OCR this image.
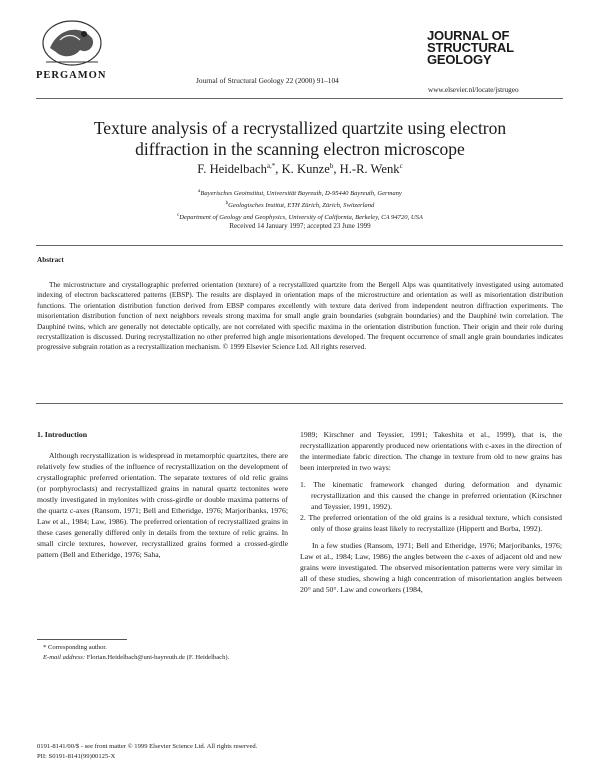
PERGAMON	Journal of Structural Geology 22 (2000) 91–104
JOURNAL OF
STRUCTURAL
GEOLOGY
www.elsevier.nl/locate/jstrugeo
Texture analysis of a recrystallized quartzite using electron
diffraction in the scanning electron microscope
F. Heidelbach$^{a,*}$, K. Kunze$^b$, H.-R. Wenk$^c$
$^a$Bayerisches Geoinstitut, Universität Bayreuth, D-95440 Bayreuth, Germany
$^b$Geologisches Institut, ETH Zürich, Zürich, Switzerland
$^c$Department of Geology and Geophysics, University of California, Berkeley, CA 94720, USA
Received 14 January 1997; accepted 23 June 1999
Abstract
The microstructure and crystallographic preferred orientation (texture) of a recrystallized quartzite from the Bergell Alps was quantitatively investigated using automated indexing of electron backscattered patterns (EBSP). The results are displayed in orientation maps of the microstructure and orientation as well as misorientation distribution functions. The orientation distribution function derived from EBSP compares excellently with texture data derived from independent neutron diffraction experiments. The misorientation distribution function of next neighbors reveals strong maxima for small angle grain boundaries (subgrain boundaries) and the Dauphiné twin correlation. The Dauphiné twins, which are generally not detectable optically, are not correlated with specific maxima in the orientation distribution function. Their origin and their role during recrystallization is discussed. During recrystallization no other preferred high angle misorientations developed. The frequent occurrence of small angle grain boundaries indicates progressive subgrain rotation as a recrystallization mechanism. © 1999 Elsevier Science Ltd. All rights reserved.
1. Introduction

Although recrystallization is widespread in metamorphic quartzites, there are relatively few studies of the influence of recrystallization on the development of crystallographic preferred orientation. The separate textures of old relic grains (or porphyroclasts) and recrystallized grains in natural quartz tectonites were mostly investigated in mylonites with cross-girdle or double maxima patterns of the quartz c-axes (Ransom, 1971; Bell and Etheridge, 1976; Marjoribanks, 1976; Law et al., 1984; Law, 1986). The preferred orientation of recrystallized grains in these cases generally differed only in details from the texture of relic grains. In small circle textures, however, recrystallized grains formed a crossed-girdle pattern (Bell and Etheridge, 1976; Saha,

1989; Kirschner and Teyssier, 1991; Takeshita et al., 1999), that is, the recrystallization apparently produced new orientations with c-axes in the direction of the intermediate fabric direction. The change in texture from old to new grains has been interpreted in two ways:

1. The kinematic framework changed during deformation and dynamic recrystallization and this caused the change in preferred orientation (Kirschner and Teyssier, 1991, 1992).

2. The preferred orientation of the old grains is a residual texture, which consisted only of those grains least likely to recrystallize (Hippertt and Borba, 1992).

In a few studies (Ransom, 1971; Bell and Etheridge, 1976; Marjoribanks, 1976; Law et al., 1984; Law, 1986) the angles between the c-axes of adjacent old and new grains were investigated. The observed misorientation patterns were very similar in all of these studies, showing a high concentration of misorientation angles between 20° and 50°. Law and coworkers (1984,

* Corresponding author.
E-mail address: Florian.Heidelbach@uni-bayreuth.de (F. Heidelbach).
0191-8141/00/$ - see front matter © 1999 Elsevier Science Ltd. All rights reserved.
PII: S0191-8141(99)00125-X
